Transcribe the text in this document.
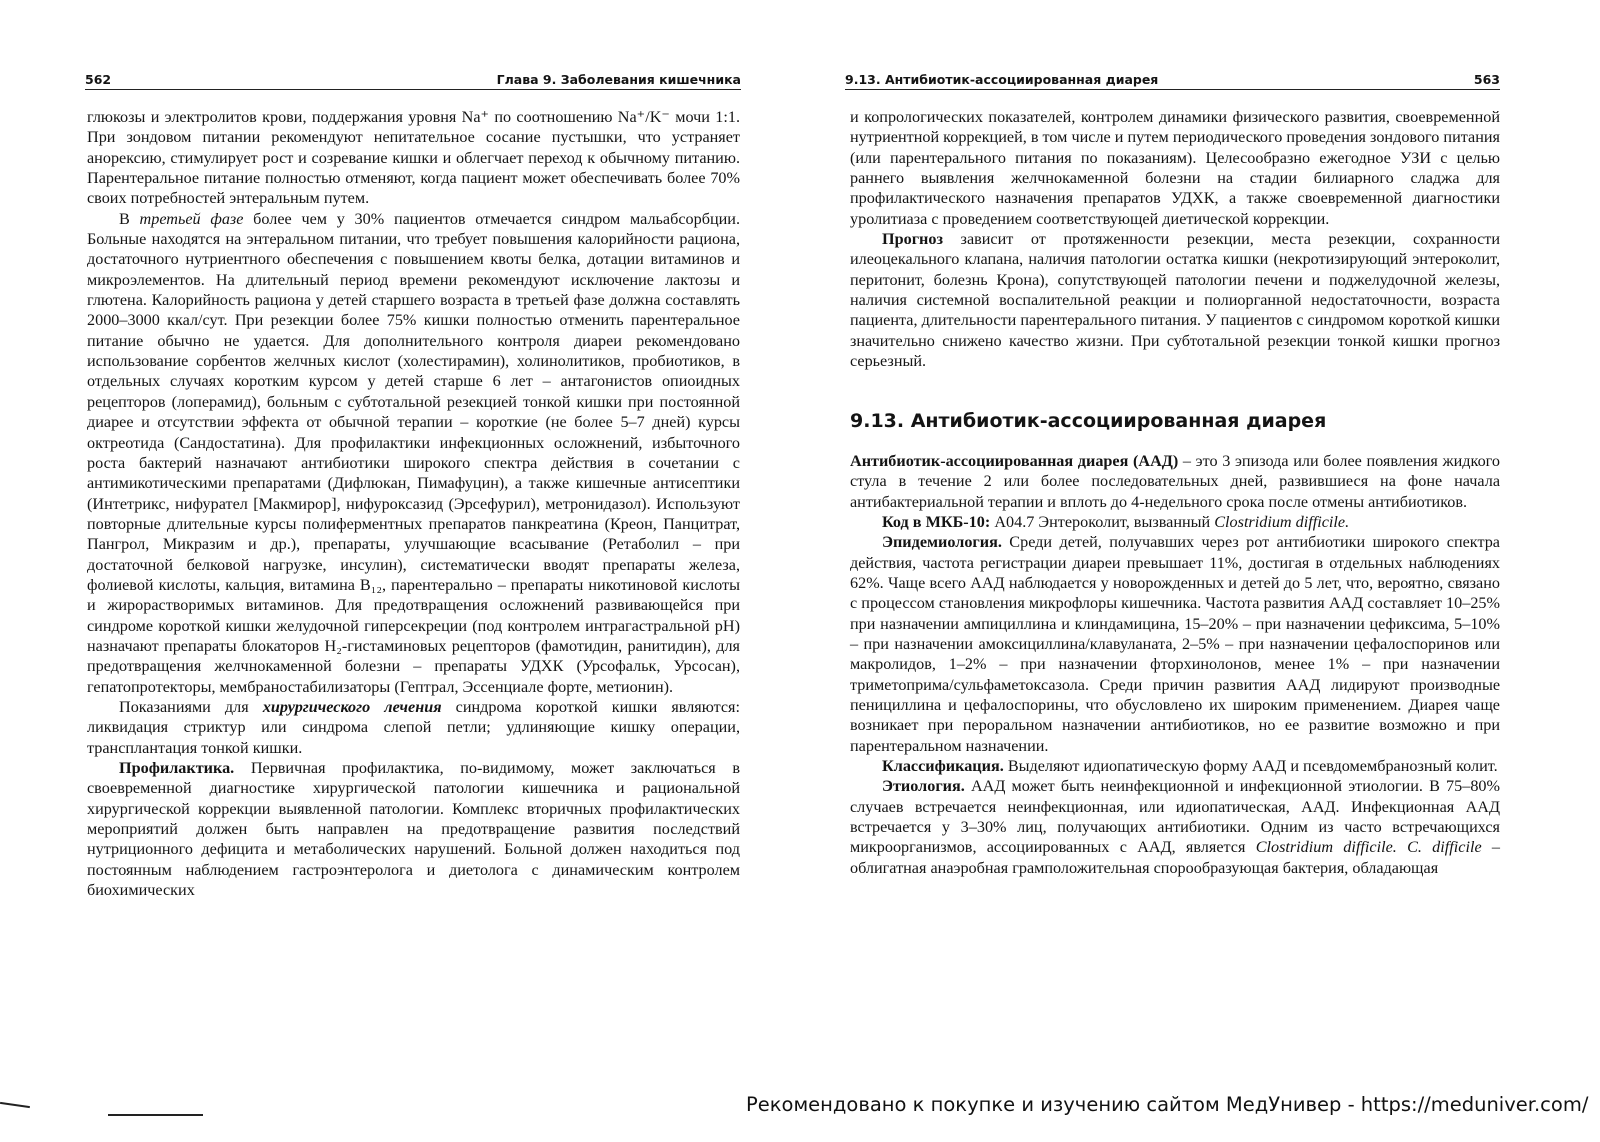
562	Глава 9. Заболевания кишечника

глюкозы и электролитов крови, поддержания уровня Na⁺ по соотношению Na⁺/K⁻ мочи 1:1. При зондовом питании рекомендуют непитательное сосание пустышки, что устраняет анорексию, стимулирует рост и созревание кишки и облегчает переход к обычному питанию. Парентеральное питание полностью отменяют, когда пациент может обеспечивать более 70% своих потребностей энтеральным путем.

В третьей фазе более чем у 30% пациентов отмечается синдром мальабсорбции. Больные находятся на энтеральном питании, что требует повышения калорийности рациона, достаточного нутриентного обеспечения с повышением квоты белка, дотации витаминов и микроэлементов. На длительный период времени рекомендуют исключение лактозы и глютена. Калорийность рациона у детей старшего возраста в третьей фазе должна составлять 2000–3000 ккал/сут. При резекции более 75% кишки полностью отменить парентеральное питание обычно не удается. Для дополнительного контроля диареи рекомендовано использование сорбентов желчных кислот (холестирамин), холинолитиков, пробиотиков, в отдельных случаях коротким курсом у детей старше 6 лет – антагонистов опиоидных рецепторов (лоперамид), больным с субтотальной резекцией тонкой кишки при постоянной диарее и отсутствии эффекта от обычной терапии – короткие (не более 5–7 дней) курсы октреотида (Сандостатина). Для профилактики инфекционных осложнений, избыточного роста бактерий назначают антибиотики широкого спектра действия в сочетании с антимикотическими препаратами (Дифлюкан, Пимафуцин), а также кишечные антисептики (Интетрикс, нифурател [Макмирор], нифуроксазид (Эрсефурил), метронидазол). Используют повторные длительные курсы полиферментных препаратов панкреатина (Креон, Панцитрат, Пангрол, Микразим и др.), препараты, улучшающие всасывание (Ретаболил – при достаточной белковой нагрузке, инсулин), систематически вводят препараты железа, фолиевой кислоты, кальция, витамина B₁₂, парентерально – препараты никотиновой кислоты и жирорастворимых витаминов. Для предотвращения осложнений развивающейся при синдроме короткой кишки желудочной гиперсекреции (под контролем интрагастральной pH) назначают препараты блокаторов H₂-гистаминовых рецепторов (фамотидин, ранитидин), для предотвращения желчнокаменной болезни – препараты УДХК (Урсофальк, Урсосан), гепатопротекторы, мембраностабилизаторы (Гептрал, Эссенциале форте, метионин).

Показаниями для хирургического лечения синдрома короткой кишки являются: ликвидация стриктур или синдрома слепой петли; удлиняющие кишку операции, трансплантация тонкой кишки.

Профилактика. Первичная профилактика, по-видимому, может заключаться в своевременной диагностике хирургической патологии кишечника и рациональной хирургической коррекции выявленной патологии. Комплекс вторичных профилактических мероприятий должен быть направлен на предотвращение развития последствий нутриционного дефицита и метаболических нарушений. Больной должен находиться под постоянным наблюдением гастроэнтеролога и диетолога с динамическим контролем биохимических

9.13. Антибиотик-ассоциированная диарея	563

и копрологических показателей, контролем динамики физического развития, своевременной нутриентной коррекцией, в том числе и путем периодического проведения зондового питания (или парентерального питания по показаниям). Целесообразно ежегодное УЗИ с целью раннего выявления желчнокаменной болезни на стадии билиарного сладжа для профилактического назначения препаратов УДХК, а также своевременной диагностики уролитиаза с проведением соответствующей диетической коррекции.

Прогноз зависит от протяженности резекции, места резекции, сохранности илеоцекального клапана, наличия патологии остатка кишки (некротизирующий энтероколит, перитонит, болезнь Крона), сопутствующей патологии печени и поджелудочной железы, наличия системной воспалительной реакции и полиорганной недостаточности, возраста пациента, длительности парентерального питания. У пациентов с синдромом короткой кишки значительно снижено качество жизни. При субтотальной резекции тонкой кишки прогноз серьезный.

9.13. Антибиотик-ассоциированная диарея

Антибиотик-ассоциированная диарея (ААД) – это 3 эпизода или более появления жидкого стула в течение 2 или более последовательных дней, развившиеся на фоне начала антибактериальной терапии и вплоть до 4-недельного срока после отмены антибиотиков.

Код в МКБ-10: A04.7 Энтероколит, вызванный Clostridium difficile.

Эпидемиология. Среди детей, получавших через рот антибиотики широкого спектра действия, частота регистрации диареи превышает 11%, достигая в отдельных наблюдениях 62%. Чаще всего ААД наблюдается у новорожденных и детей до 5 лет, что, вероятно, связано с процессом становления микрофлоры кишечника. Частота развития ААД составляет 10–25% при назначении ампициллина и клиндамицина, 15–20% – при назначении цефиксима, 5–10% – при назначении амоксициллина/клавуланата, 2–5% – при назначении цефалоспоринов или макролидов, 1–2% – при назначении фторхинолонов, менее 1% – при назначении триметоприма/сульфаметоксазола. Среди причин развития ААД лидируют производные пенициллина и цефалоспорины, что обусловлено их широким применением. Диарея чаще возникает при пероральном назначении антибиотиков, но ее развитие возможно и при парентеральном назначении.

Классификация. Выделяют идиопатическую форму ААД и псевдомембранозный колит.

Этиология. ААД может быть неинфекционной и инфекционной этиологии. В 75–80% случаев встречается неинфекционная, или идиопатическая, ААД. Инфекционная ААД встречается у 3–30% лиц, получающих антибиотики. Одним из часто встречающихся микроорганизмов, ассоциированных с ААД, является Clostridium difficile. C. difficile – облигатная анаэробная грамположительная спорообразующая бактерия, обладающая

Рекомендовано к покупке и изучению сайтом МедУнивер - https://meduniver.com/
